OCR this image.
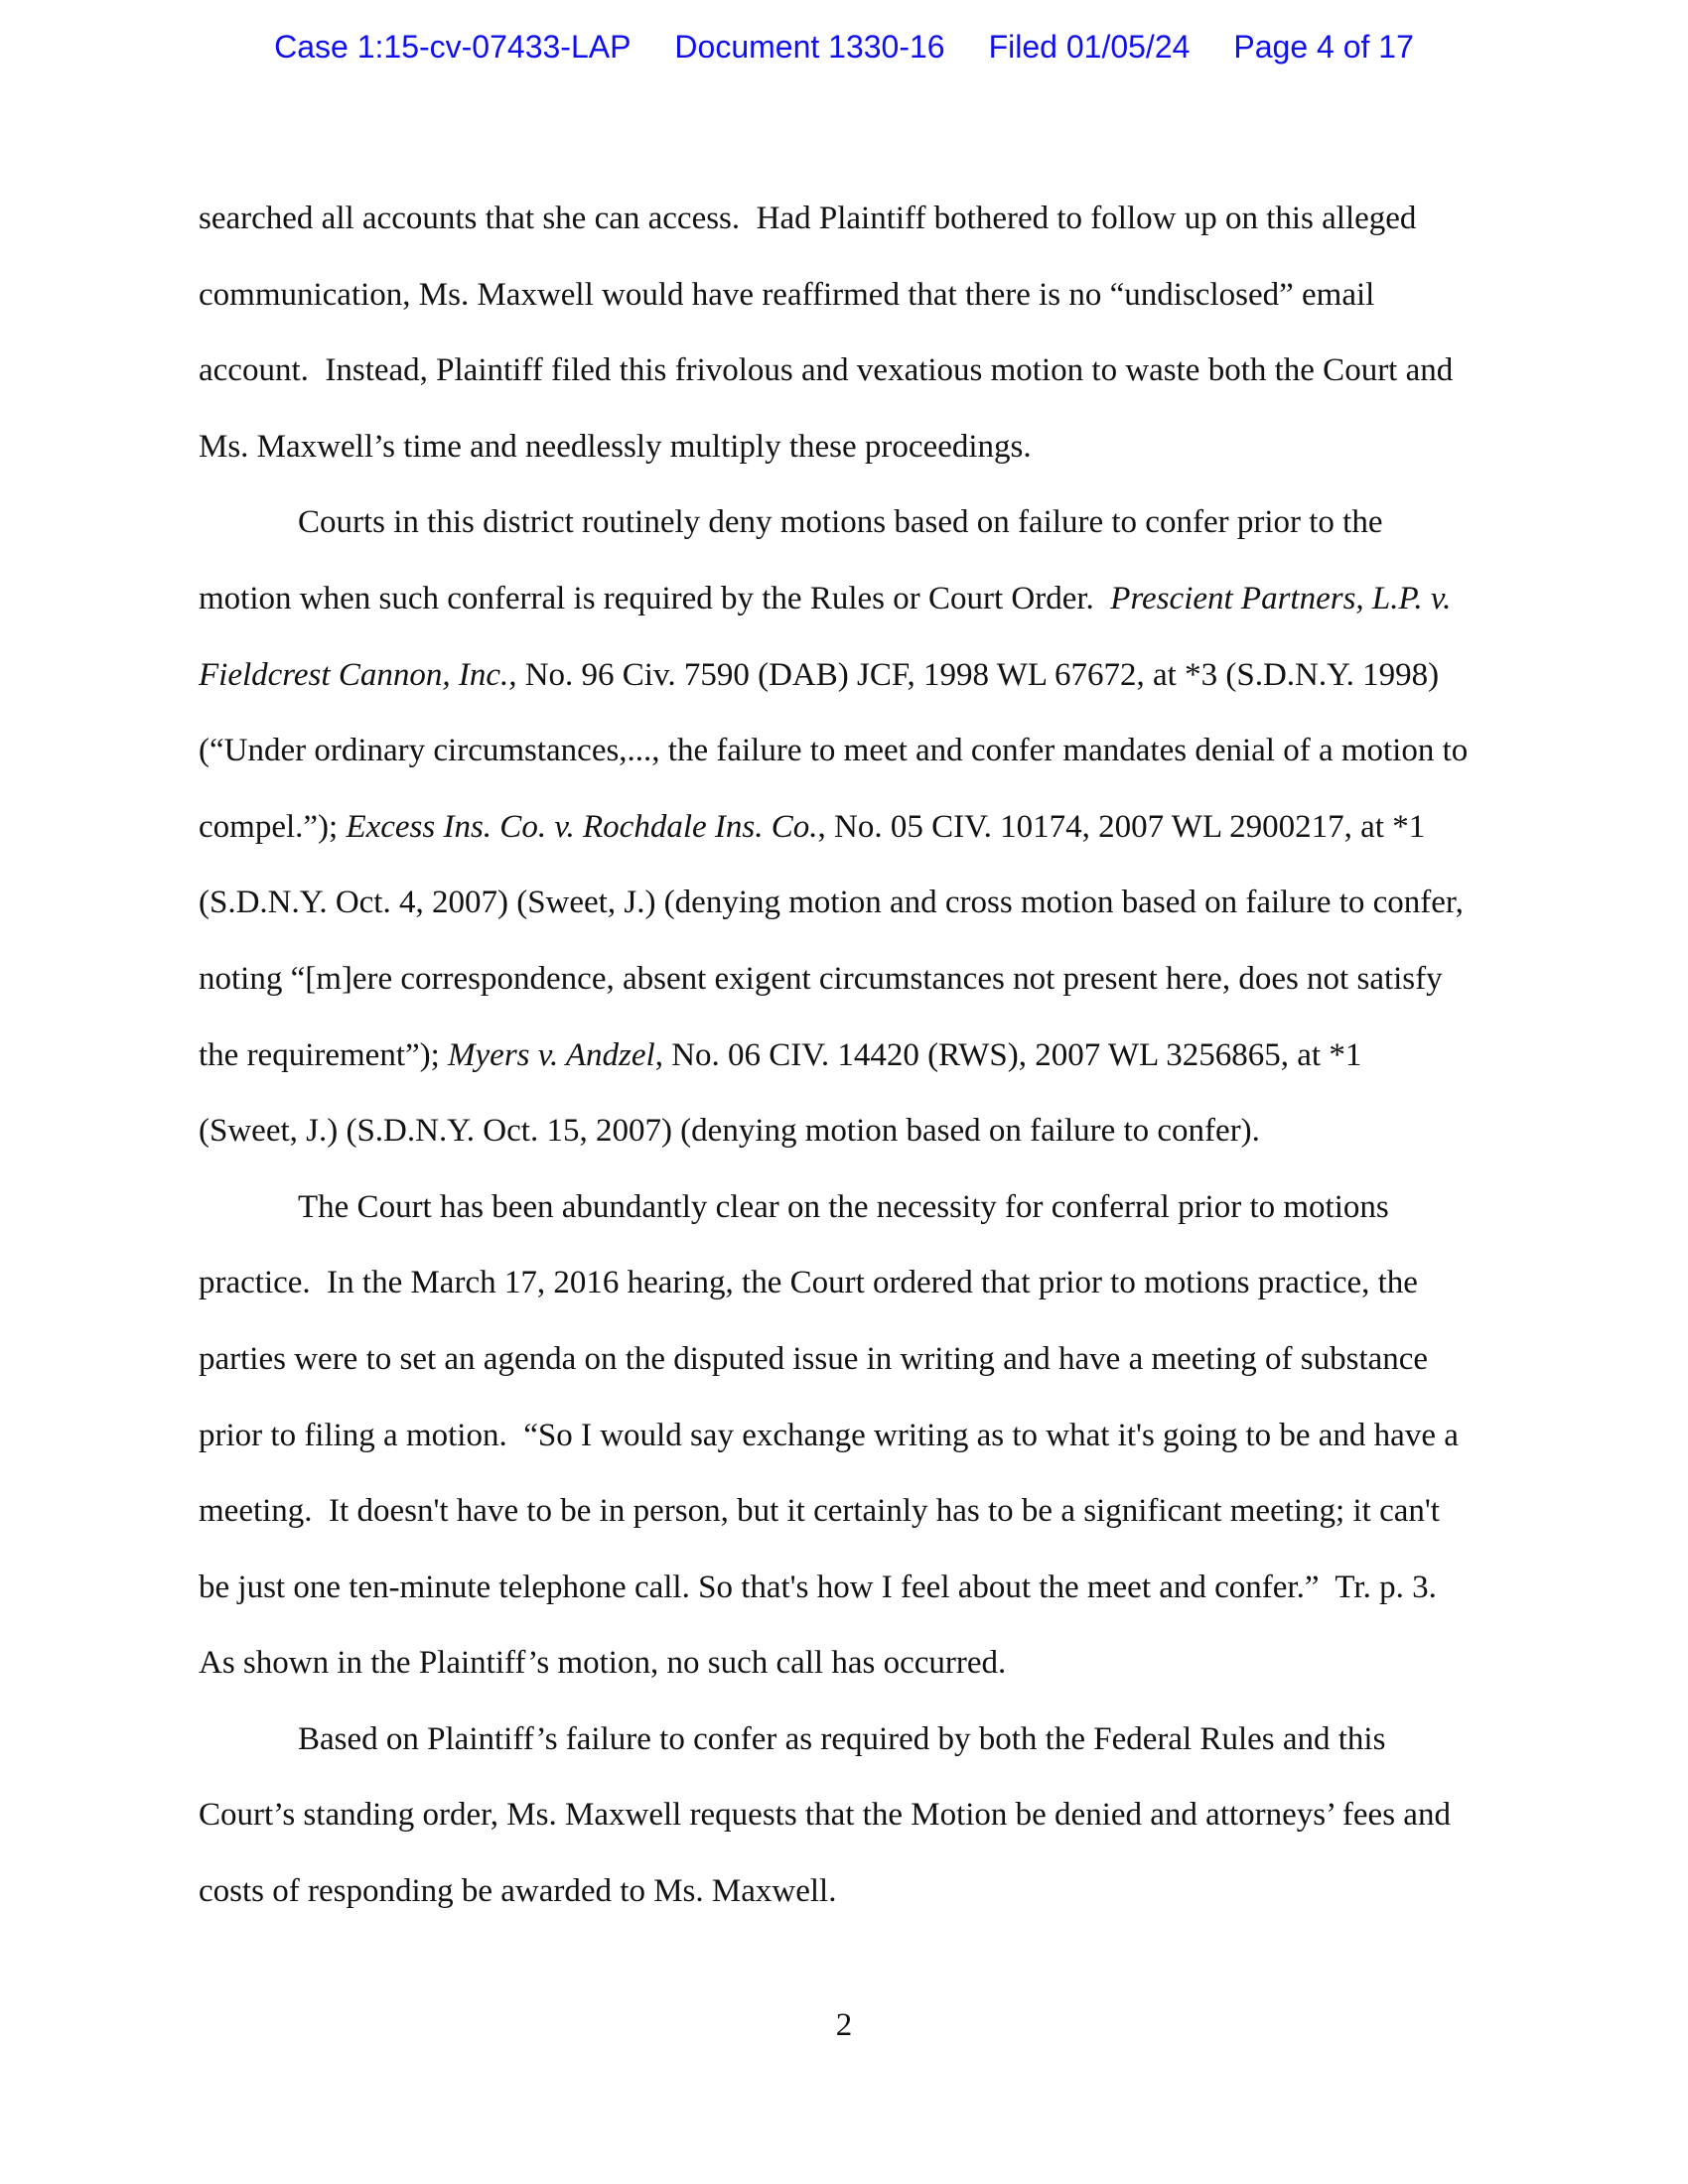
Case 1:15-cv-07433-LAP Document 1330-16 Filed 01/05/24 Page 4 of 17
searched all accounts that she can access.  Had Plaintiff bothered to follow up on this alleged
communication, Ms. Maxwell would have reaffirmed that there is no “undisclosed” email
account.  Instead, Plaintiff filed this frivolous and vexatious motion to waste both the Court and
Ms. Maxwell’s time and needlessly multiply these proceedings.
Courts in this district routinely deny motions based on failure to confer prior to the
motion when such conferral is required by the Rules or Court Order.  Prescient Partners, L.P. v.
Fieldcrest Cannon, Inc., No. 96 Civ. 7590 (DAB) JCF, 1998 WL 67672, at *3 (S.D.N.Y. 1998)
(“Under ordinary circumstances,..., the failure to meet and confer mandates denial of a motion to
compel.”); Excess Ins. Co. v. Rochdale Ins. Co., No. 05 CIV. 10174, 2007 WL 2900217, at *1
(S.D.N.Y. Oct. 4, 2007) (Sweet, J.) (denying motion and cross motion based on failure to confer,
noting “[m]ere correspondence, absent exigent circumstances not present here, does not satisfy
the requirement”); Myers v. Andzel, No. 06 CIV. 14420 (RWS), 2007 WL 3256865, at *1
(Sweet, J.) (S.D.N.Y. Oct. 15, 2007) (denying motion based on failure to confer).
The Court has been abundantly clear on the necessity for conferral prior to motions
practice.  In the March 17, 2016 hearing, the Court ordered that prior to motions practice, the
parties were to set an agenda on the disputed issue in writing and have a meeting of substance
prior to filing a motion.  “So I would say exchange writing as to what it's going to be and have a
meeting.  It doesn't have to be in person, but it certainly has to be a significant meeting; it can't
be just one ten-minute telephone call. So that's how I feel about the meet and confer.”  Tr. p. 3.
As shown in the Plaintiff’s motion, no such call has occurred.
Based on Plaintiff’s failure to confer as required by both the Federal Rules and this
Court’s standing order, Ms. Maxwell requests that the Motion be denied and attorneys’ fees and
costs of responding be awarded to Ms. Maxwell.
2
